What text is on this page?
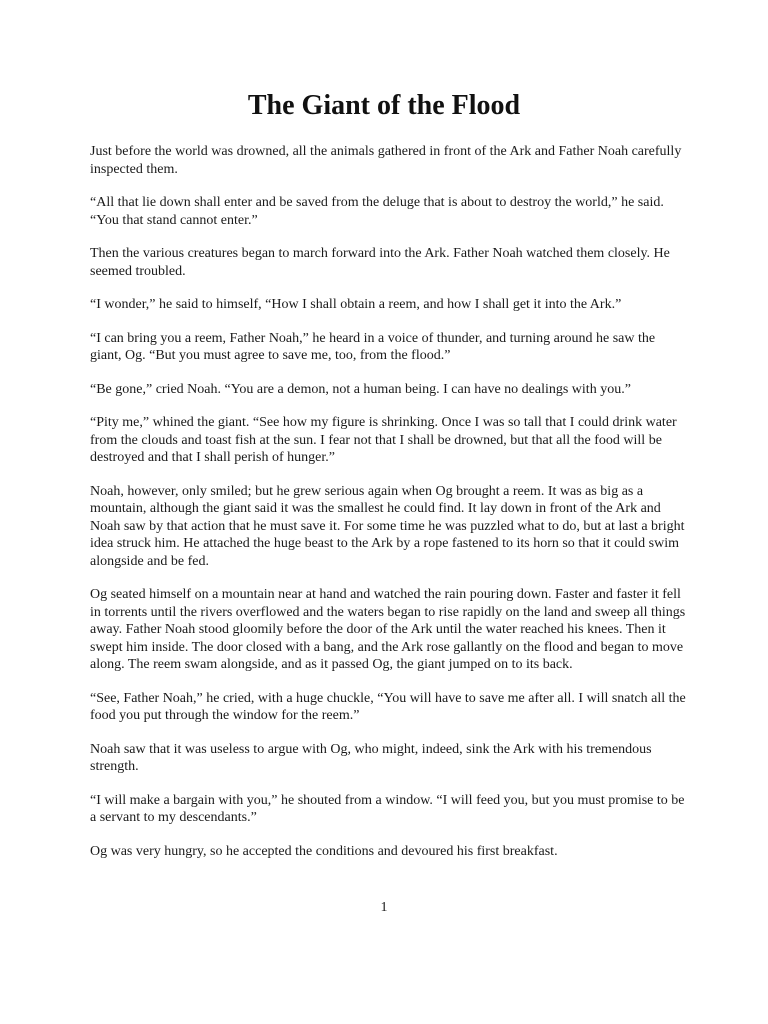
The Giant of the Flood

Just before the world was drowned, all the animals gathered in front of the Ark and Father Noah carefully inspected them.

“All that lie down shall enter and be saved from the deluge that is about to destroy the world,” he said. “You that stand cannot enter.”

Then the various creatures began to march forward into the Ark. Father Noah watched them closely. He seemed troubled.

“I wonder,” he said to himself, “How I shall obtain a reem, and how I shall get it into the Ark.”

“I can bring you a reem, Father Noah,” he heard in a voice of thunder, and turning around he saw the giant, Og. “But you must agree to save me, too, from the flood.”

“Be gone,” cried Noah. “You are a demon, not a human being. I can have no dealings with you.”

“Pity me,” whined the giant. “See how my figure is shrinking. Once I was so tall that I could drink water from the clouds and toast fish at the sun. I fear not that I shall be drowned, but that all the food will be destroyed and that I shall perish of hunger.”

Noah, however, only smiled; but he grew serious again when Og brought a reem. It was as big as a mountain, although the giant said it was the smallest he could find. It lay down in front of the Ark and Noah saw by that action that he must save it. For some time he was puzzled what to do, but at last a bright idea struck him. He attached the huge beast to the Ark by a rope fastened to its horn so that it could swim alongside and be fed.

Og seated himself on a mountain near at hand and watched the rain pouring down. Faster and faster it fell in torrents until the rivers overflowed and the waters began to rise rapidly on the land and sweep all things away. Father Noah stood gloomily before the door of the Ark until the water reached his knees. Then it swept him inside. The door closed with a bang, and the Ark rose gallantly on the flood and began to move along. The reem swam alongside, and as it passed Og, the giant jumped on to its back.

“See, Father Noah,” he cried, with a huge chuckle, “You will have to save me after all. I will snatch all the food you put through the window for the reem.”

Noah saw that it was useless to argue with Og, who might, indeed, sink the Ark with his tremendous strength.

“I will make a bargain with you,” he shouted from a window. “I will feed you, but you must promise to be a servant to my descendants.”

Og was very hungry, so he accepted the conditions and devoured his first breakfast.

1
